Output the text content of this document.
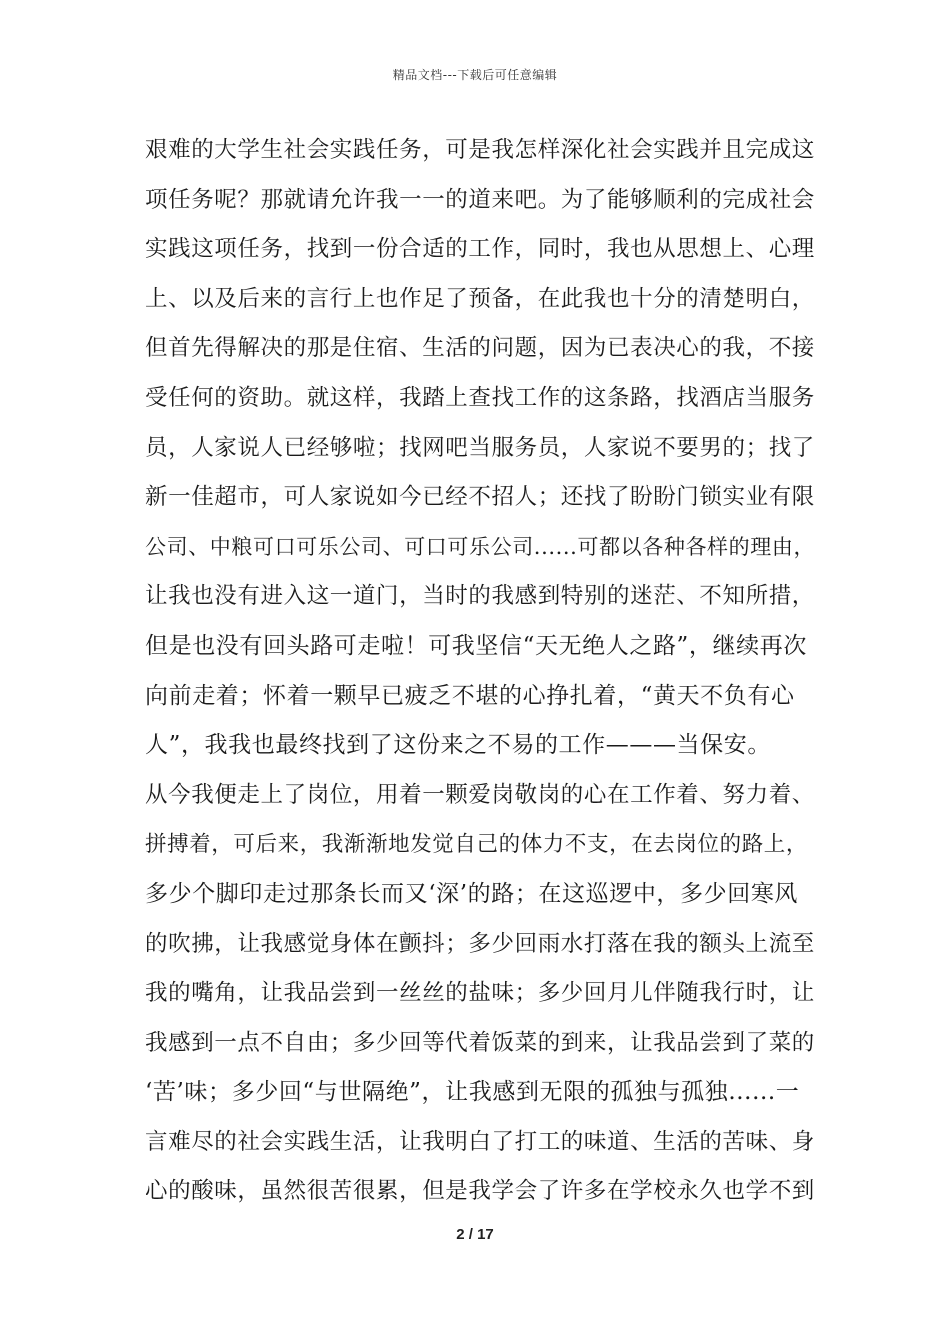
精品文档---下载后可任意编辑
艰难的大学生社会实践任务，可是我怎样深化社会实践并且完成这
项任务呢？那就请允许我一一的道来吧。为了能够顺利的完成社会
实践这项任务，找到一份合适的工作，同时，我也从思想上、心理
上、以及后来的言行上也作足了预备，在此我也十分的清楚明白，
但首先得解决的那是住宿、生活的问题，因为已表决心的我，不接
受任何的资助。就这样，我踏上查找工作的这条路，找酒店当服务
员，人家说人已经够啦；找网吧当服务员，人家说不要男的；找了
新一佳超市，可人家说如今已经不招人；还找了盼盼门锁实业有限
公司、中粮可口可乐公司、可口可乐公司......可都以各种各样的理由，
让我也没有进入这一道门，当时的我感到特别的迷茫、不知所措，
但是也没有回头路可走啦！可我坚信“天无绝人之路”，继续再次
向前走着；怀着一颗早已疲乏不堪的心挣扎着，“黄天不负有心
人”，我我也最终找到了这份来之不易的工作———当保安。
从今我便走上了岗位，用着一颗爱岗敬岗的心在工作着、努力着、
拼搏着，可后来，我渐渐地发觉自己的体力不支，在去岗位的路上，
多少个脚印走过那条长而又‘深’的路；在这巡逻中，多少回寒风
的吹拂，让我感觉身体在颤抖；多少回雨水打落在我的额头上流至
我的嘴角，让我品尝到一丝丝的盐味；多少回月儿伴随我行时，让
我感到一点不自由；多少回等代着饭菜的到来，让我品尝到了菜的
‘苦’味；多少回“与世隔绝”，让我感到无限的孤独与孤独......一
言难尽的社会实践生活，让我明白了打工的味道、生活的苦味、身
心的酸味，虽然很苦很累，但是我学会了许多在学校永久也学不到
2 / 17
